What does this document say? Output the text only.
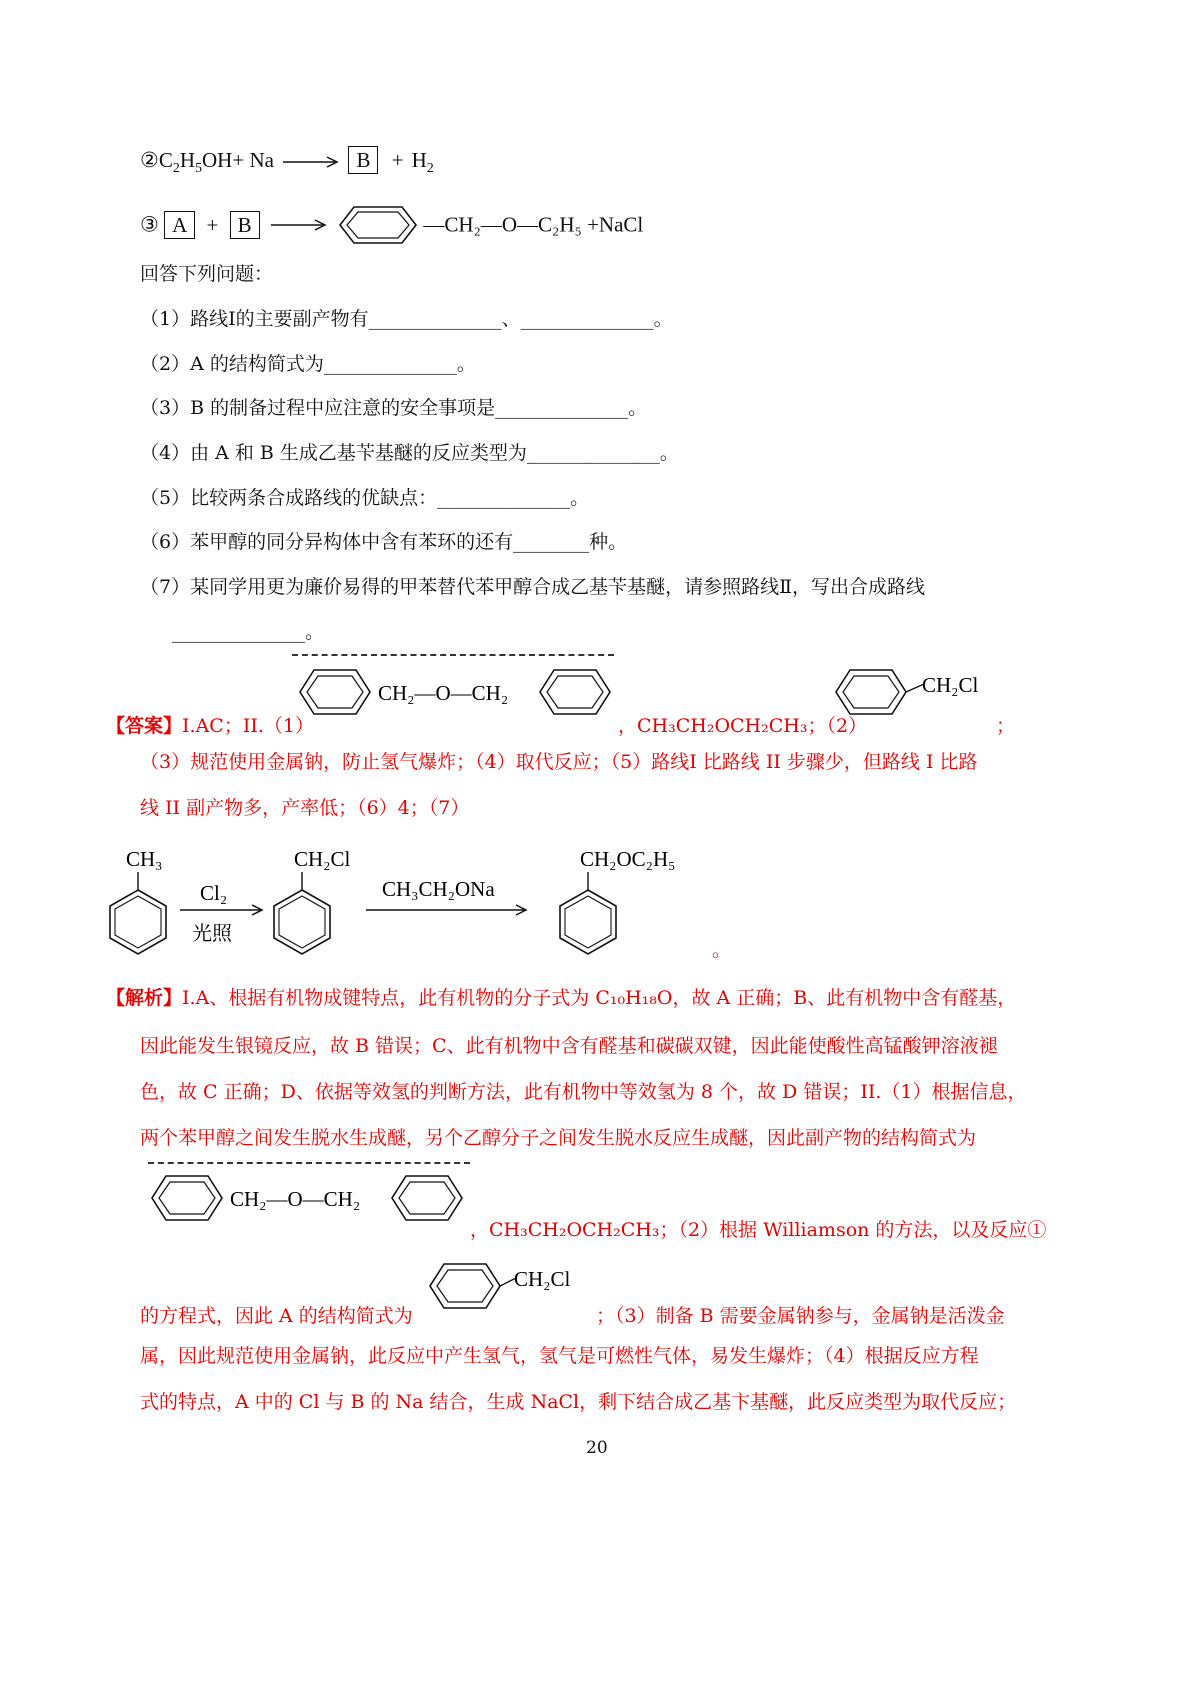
$②C_2H_5OH+ Na$	$B + H_2$
③ A + B	—CH₂—O—C₂H₅ +NaCl
回答下列问题：
（1）路线Ⅰ的主要副产物有______________、______________。
（2）A 的结构简式为______________。
（3）B 的制备过程中应注意的安全事项是______________。
（4）由 A 和 B 生成乙基苄基醚的反应类型为______________。
（5）比较两条合成路线的优缺点：______________。
（6）苯甲醇的同分异构体中含有苯环的还有________种。
（7）某同学用更为廉价易得的甲苯替代苯甲醇合成乙基苄基醚，请参照路线Ⅱ，写出合成路线
______________。
CH₂—O—CH₂	CH₂Cl
【答案】I.AC；II.（1）	，CH₃CH₂OCH₂CH₃；（2）	；
（3）规范使用金属钠，防止氢气爆炸；（4）取代反应；（5）路线I 比路线 II 步骤少，但路线 I 比路
线 II 副产物多，产率低；（6）4；（7）
CH₃
Cl₂
光照
CH₂Cl
CH₃CH₂ONa
CH₂OC₂H₅
。
【解析】I.A、根据有机物成键特点，此有机物的分子式为 C₁₀H₁₈O，故 A 正确；B、此有机物中含有醛基，
因此能发生银镜反应，故 B 错误；C、此有机物中含有醛基和碳碳双键，因此能使酸性高锰酸钾溶液褪
色，故 C 正确；D、依据等效氢的判断方法，此有机物中等效氢为 8 个，故 D 错误；II.（1）根据信息，
两个苯甲醇之间发生脱水生成醚，另个乙醇分子之间发生脱水反应生成醚，因此副产物的结构简式为
CH₂—O—CH₂
，CH₃CH₂OCH₂CH₃；（2）根据 Williamson 的方法，以及反应①
CH₂Cl
的方程式，因此 A 的结构简式为	；（3）制备 B 需要金属钠参与，金属钠是活泼金
属，因此规范使用金属钠，此反应中产生氢气，氢气是可燃性气体，易发生爆炸；（4）根据反应方程
式的特点，A 中的 Cl 与 B 的 Na 结合，生成 NaCl，剩下结合成乙基卞基醚，此反应类型为取代反应；
20
